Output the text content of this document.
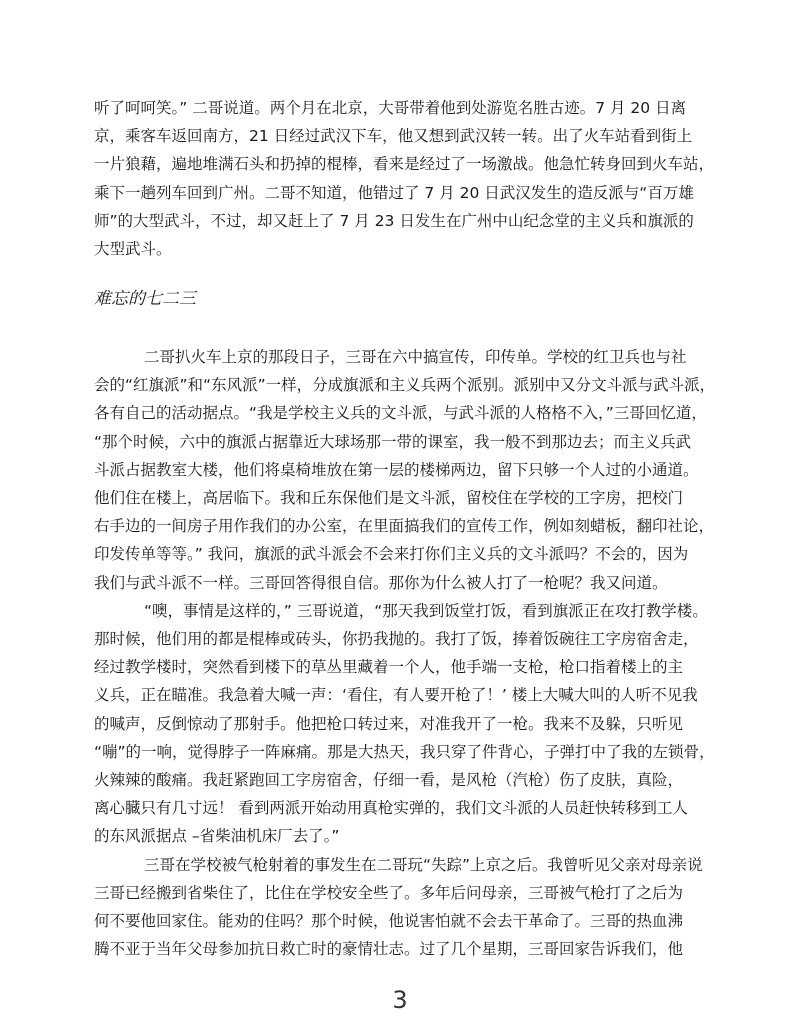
听了呵呵笑。” 二哥说道。两个月在北京，大哥带着他到处游览名胜古迹。7 月 20 日离
京，乘客车返回南方，21 日经过武汉下车，他又想到武汉转一转。出了火车站看到街上
一片狼藉，遍地堆满石头和扔掉的棍棒，看来是经过了一场激战。他急忙转身回到火车站，
乘下一趟列车回到广州。二哥不知道，他错过了 7 月 20 日武汉发生的造反派与“百万雄
师”的大型武斗，不过，却又赶上了 7 月 23 日发生在广州中山纪念堂的主义兵和旗派的
大型武斗。
难忘的七二三
二哥扒火车上京的那段日子，三哥在六中搞宣传，印传单。学校的红卫兵也与社
会的“红旗派”和“东风派”一样，分成旗派和主义兵两个派别。派别中又分文斗派与武斗派，
各有自己的活动据点。“我是学校主义兵的文斗派，与武斗派的人格格不入，”三哥回忆道，
“那个时候，六中的旗派占据靠近大球场那一带的课室，我一般不到那边去；而主义兵武
斗派占据教室大楼，他们将桌椅堆放在第一层的楼梯两边，留下只够一个人过的小通道。
他们住在楼上，高居临下。我和丘东保他们是文斗派，留校住在学校的工字房，把校门
右手边的一间房子用作我们的办公室，在里面搞我们的宣传工作，例如刻蜡板，翻印社论，
印发传单等等。” 我问，旗派的武斗派会不会来打你们主义兵的文斗派吗？不会的，因为
我们与武斗派不一样。三哥回答得很自信。那你为什么被人打了一枪呢？我又问道。
“噢，事情是这样的，” 三哥说道，“那天我到饭堂打饭，看到旗派正在攻打教学楼。
那时候，他们用的都是棍棒或砖头，你扔我抛的。我打了饭，捧着饭碗往工字房宿舍走，
经过教学楼时，突然看到楼下的草丛里藏着一个人，他手端一支枪，枪口指着楼上的主
义兵，正在瞄准。我急着大喊一声：‘看住，有人要开枪了！’ 楼上大喊大叫的人听不见我
的喊声，反倒惊动了那射手。他把枪口转过来，对准我开了一枪。我来不及躲，只听见
“嘣”的一响，觉得脖子一阵麻痛。那是大热天，我只穿了件背心，子弹打中了我的左锁骨，
火辣辣的酸痛。我赶紧跑回工字房宿舍，仔细一看，是风枪（汽枪）伤了皮肤，真险，
离心臓只有几寸远！ 看到两派开始动用真枪实弹的，我们文斗派的人员赶快转移到工人
的东风派据点 –省柴油机床厂去了。”
三哥在学校被气枪射着的事发生在二哥玩“失踪”上京之后。我曾听见父亲对母亲说
三哥已经搬到省柴住了，比住在学校安全些了。多年后问母亲，三哥被气枪打了之后为
何不要他回家住。能劝的住吗？那个时候，他说害怕就不会去干革命了。三哥的热血沸
腾不亚于当年父母参加抗日救亡时的豪情壮志。过了几个星期，三哥回家告诉我们，他
3
